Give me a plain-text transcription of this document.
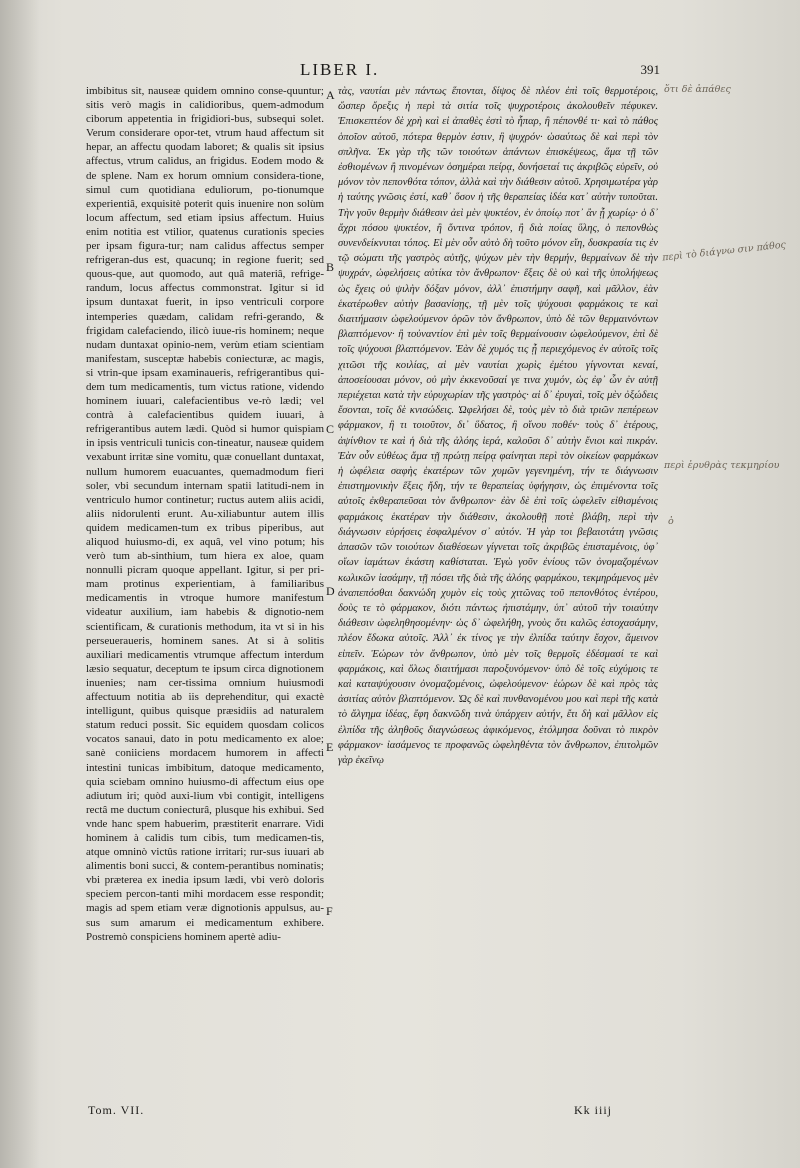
LIBER I.	391

imbibitus sit, nauseæ quidem omnino conse-quuntur; sitis verò magis in calidioribus, quem-admodum ciborum appetentia in frigidiori-bus, subsequi solet. Verum considerare opor-tet, vtrum haud affectum sit hepar, an affectu quodam laboret; & qualis sit ipsius affectus, vtrum calidus, an frigidus. Eodem modo & de splene. Nam ex horum omnium considera-tione, simul cum quotidiana eduliorum, po-tionumque experientiâ, exquisitè poterit quis inuenire non solùm locum affectum, sed etiam ipsius affectum. Huius enim notitia est vtilior, quatenus curationis species per ipsam figura-tur; nam calidus affectus semper refrigeran-dus est, quacunq; in regione fuerit; sed quous-que, aut quomodo, aut quâ materiâ, refrige-randum, locus affectus commonstrat. Igitur si id ipsum duntaxat fuerit, in ipso ventriculi corpore intemperies quædam, calidam refri-gerando, & frigidam calefaciendo, ilicò iuue-ris hominem; neque nudam duntaxat opinio-nem, verùm etiam scientiam manifestam, susceptæ habebis coniecturæ, ac magis, si vtrin-que ipsam examinaueris, refrigerantibus qui-dem tum medicamentis, tum victus ratione, videndo hominem iuuari, calefacientibus ve-rò lædi; vel contrà à calefacientibus quidem iuuari, à refrigerantibus autem lædi. Quòd si humor quispiam in ipsis ventriculi tunicis con-tineatur, nauseæ quidem vexabunt irritæ sine vomitu, quæ conuellant duntaxat, nullum humorem euacuantes, quemadmodum fieri soler, vbi secundum internam spatii latitudi-nem in ventriculo humor continetur; ructus autem aliis acidi, aliis nidorulenti erunt. Au-xiliabuntur autem illis quidem medicamen-tum ex tribus piperibus, aut aliquod huiusmo-di, ex aquâ, vel vino potum; his verò tum ab-sinthium, tum hiera ex aloe, quam nonnulli picram quoque appellant. Igitur, si per pri-mam protinus experientiam, à familiaribus medicamentis in vtroque humore manifestum videatur auxilium, iam habebis & dignotio-nem scientificam, & curationis methodum, ita vt si in his perseueraueris, hominem sanes. At si à solitis auxiliari medicamentis vtrumque affectum interdum læsio sequatur, deceptum te ipsum circa dignotionem inuenies; nam cer-tissima omnium huiusmodi affectuum notitia ab iis deprehenditur, qui exactè intelligunt, quibus quisque præsidiis ad naturalem statum reduci possit. Sic equidem quosdam colicos vocatos sanaui, dato in potu medicamento ex aloe; sanè coniiciens mordacem humorem in affecti intestini tunicas imbibitum, datoque medicamento, quia sciebam omnino huiusmo-di affectum eius ope adiutum iri; quòd auxi-lium vbi contigit, intelligens rectâ me ductum coniecturâ, plusque his exhibui. Sed vnde hanc spem habuerim, præstiterit enarrare. Vidi hominem à calidis tum cibis, tum medicamen-tis, atque omninò victûs ratione irritari; rur-sus iuuari ab alimentis boni succi, & contem-perantibus nominatis; vbi præterea ex inedia ipsum lædi, vbi verò doloris speciem percon-tanti mihi mordacem esse respondit; magis ad spem etiam veræ dignotionis appulsus, au-sus sum amarum ei medicamentum exhibere. Postremò conspiciens hominem apertè adiu-

A
B
C
D
E
F

τὰς, ναυτίαι μὲν πάντως ἕπονται, δίψος δὲ πλέον ἐπὶ τοῖς θερμοτέροις, ὥσπερ ὄρεξις ἡ περὶ τὰ σιτία τοῖς ψυχροτέροις ἀκολουθεῖν πέφυκεν. Ἐπισκεπτέον δὲ χρὴ καὶ εἰ ἀπαθὲς ἐστὶ τὸ ἧπαρ, ἢ πέπονθέ τι· καὶ τὸ πάθος ὁποῖον αὐτοῦ, πότερα θερμὸν ἐστιν, ἢ ψυχρόν· ὡσαύτως δὲ καὶ περὶ τὸν σπλῆνα. Ἐκ γὰρ τῆς τῶν τοιούτων ἁπάντων ἐπισκέψεως, ἅμα τῇ τῶν ἐσθιομένων ἢ πινομένων ὁσημέραι πείρᾳ, δυνήσεταί τις ἀκριβῶς εὑρεῖν, οὐ μόνον τὸν πεπονθότα τόπον, ἀλλὰ καὶ τὴν διάθεσιν αὐτοῦ. Χρησιμωτέρα γὰρ ἡ ταύτης γνῶσις ἐστί, καθ᾽ ὅσον ἡ τῆς θεραπείας ἰδέα κατ᾽ αὐτὴν τυποῦται. Τὴν γοῦν θερμὴν διάθεσιν ἀεὶ μὲν ψυκτέον, ἐν ὁποίῳ ποτ᾽ ἂν ᾖ χωρίῳ· ὁ δ᾽ ἄχρι πόσου ψυκτέον, ἢ ὅντινα τρόπον, ἢ διὰ ποίας ὕλης, ὁ πεπονθὼς συνενδείκνυται τόπος. Εἰ μὲν οὖν αὐτὸ δὴ τοῦτο μόνον εἴη, δυσκρασία τις ἐν τῷ σώματι τῆς γαστρὸς αὐτῆς, ψύχων μὲν τὴν θερμήν, θερμαίνων δὲ τὴν ψυχράν, ὠφελήσεις αὐτίκα τὸν ἄνθρωπον· ἕξεις δὲ οὐ καὶ τῆς ὑπολήψεως ὡς ἔχεις οὐ ψιλὴν δόξαν μόνον, ἀλλ᾽ ἐπιστήμην σαφῆ, καὶ μᾶλλον, ἐὰν ἑκατέρωθεν αὐτὴν βασανίσῃς, τῇ μὲν τοῖς ψύχουσι φαρμάκοις τε καὶ διαιτήμασιν ὠφελούμενον ὁρῶν τὸν ἄνθρωπον, ὑπὸ δὲ τῶν θερμαινόντων βλαπτόμενον· ἢ τοὐναντίον ἐπὶ μὲν τοῖς θερμαίνουσιν ὠφελούμενον, ἐπὶ δὲ τοῖς ψύχουσι βλαπτόμενον. Ἐὰν δὲ χυμός τις ᾖ περιεχόμενος ἐν αὐτοῖς τοῖς χιτῶσι τῆς κοιλίας, αἱ μὲν ναυτίαι χωρὶς ἐμέτου γίγνονται κεναί, ἀποσείουσαι μόνον, οὐ μὴν ἐκκενοῦσαί γε τινα χυμόν, ὡς ἐφ᾽ ὧν ἐν αὐτῇ περιέχεται κατὰ τὴν εὐρυχωρίαν τῆς γαστρὸς· αἱ δ᾽ ἐρυγαὶ, τοῖς μὲν ὀξώδεις ἔσονται, τοῖς δὲ κνισώδεις. Ὠφελήσει δὲ, τοὺς μὲν τὸ διὰ τριῶν πεπέρεων φάρμακον, ἢ τι τοιοῦτον, δι᾽ ὕδατος, ἢ οἴνου ποθέν· τοὺς δ᾽ ἑτέρους, ἀψίνθιον τε καὶ ἡ διὰ τῆς ἀλόης ἱερά, καλοῦσι δ᾽ αὐτὴν ἔνιοι καὶ πικράν. Ἐὰν οὖν εὐθέως ἅμα τῇ πρώτῃ πείρᾳ φαίνηται περὶ τὸν οἰκείων φαρμάκων ἡ ὠφέλεια σαφὴς ἑκατέρων τῶν χυμῶν γεγενημένη, τήν τε διάγνωσιν ἐπιστημονικὴν ἕξεις ἤδη, τήν τε θεραπείας ὑφήγησιν, ὡς ἐπιμένοντα τοῖς αὐτοῖς ἐκθεραπεῦσαι τὸν ἄνθρωπον· ἐὰν δὲ ἐπὶ τοῖς ὠφελεῖν εἰθισμένοις φαρμάκοις ἑκατέραν τὴν διάθεσιν, ἀκολουθῇ ποτὲ βλάβη, περὶ τὴν διάγνωσιν εὑρήσεις ἐσφαλμένον σ᾽ αὐτόν. Ἡ γὰρ τοι βεβαιοτάτη γνῶσις ἁπασῶν τῶν τοιούτων διαθέσεων γίγνεται τοῖς ἀκριβῶς ἐπισταμένοις, ὑφ᾽ οἵων ἰαμάτων ἑκάστη καθίσταται. Ἐγὼ γοῦν ἐνίους τῶν ὀνομαζομένων κωλικῶν ἰασάμην, τῇ πόσει τῆς διὰ τῆς ἀλόης φαρμάκου, τεκμηράμενος μὲν ἀναπεπόσθαι δακνώδη χυμὸν εἰς τοὺς χιτῶνας τοῦ πεπονθότος ἐντέρου, δοὺς τε τὸ φάρμακον, διότι πάντως ἠπιστάμην, ὑπ᾽ αὐτοῦ τὴν τοιαύτην διάθεσιν ὠφεληθησομένην· ὡς δ᾽ ὠφελήθη, γνοὺς ὅτι καλῶς ἐστοχασάμην, πλέον ἔδωκα αὐτοῖς. Ἀλλ᾽ ἐκ τίνος γε τὴν ἐλπίδα ταύτην ἔσχον, ἄμεινον εἰπεῖν. Ἑώρων τὸν ἄνθρωπον, ὑπὸ μὲν τοῖς θερμοῖς ἐδέσμασί τε καὶ φαρμάκοις, καὶ ὅλως διαιτήμασι παροξυνόμενον· ὑπὸ δὲ τοῖς εὐχύμοις τε καὶ καταψύχουσιν ὀνομαζομένοις, ὠφελούμενον· ἑώρων δὲ καὶ πρὸς τὰς ἀσιτίας αὐτὸν βλαπτόμενον. Ὡς δὲ καὶ πυνθανομένου μου καὶ περὶ τῆς κατὰ τὸ ἄλγημα ἰδέας, ἔφη δακνῶδη τινὰ ὑπάρχειν αὐτήν, ἔτι δὴ καὶ μᾶλλον εἰς ἐλπίδα τῆς ἀληθοῦς διαγνώσεως ἀφικόμενος, ἐτόλμησα δοῦναι τὸ πικρὸν φάρμακον· ἰασάμενος τε προφανῶς ὠφεληθέντα τὸν ἄνθρωπον, ἐπιτολμῶν γὰρ ἐκεῖνῳ

ὅτι δὲ ἀπάθες
περὶ τὸ διάγνω σιν πάθος
περὶ ἐρυθρὰς τεκμηρίου
ὁ
Tom. VII.	Kk iiij
